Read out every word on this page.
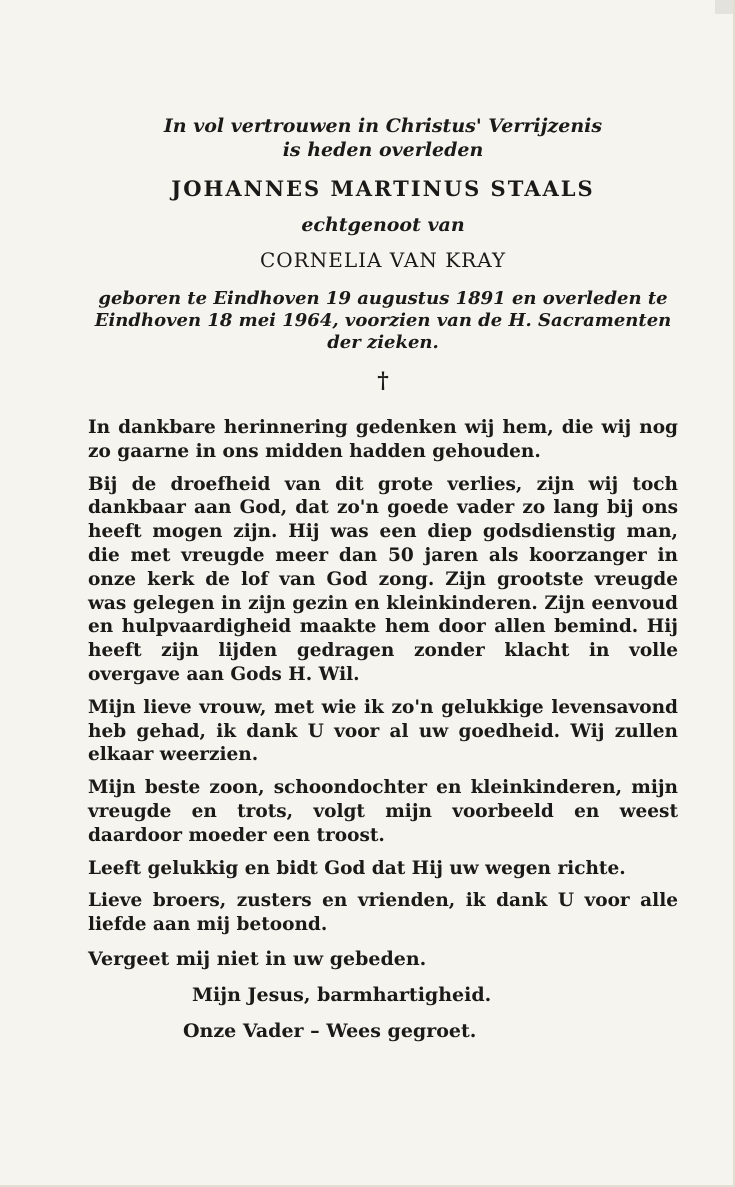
In vol vertrouwen in Christus' Verrijzenis
is heden overleden
JOHANNES MARTINUS STAALS
echtgenoot van
CORNELIA VAN KRAY
geboren te Eindhoven 19 augustus 1891 en overleden te Eindhoven 18 mei 1964, voorzien van de H. Sacramenten der zieken.
†

In dankbare herinnering gedenken wij hem, die wij nog zo gaarne in ons midden hadden gehouden.

Bij de droefheid van dit grote verlies, zijn wij toch dankbaar aan God, dat zo'n goede vader zo lang bij ons heeft mogen zijn. Hij was een diep godsdienstig man, die met vreugde meer dan 50 jaren als koorzanger in onze kerk de lof van God zong. Zijn grootste vreugde was gelegen in zijn gezin en kleinkinderen. Zijn eenvoud en hulpvaardigheid maakte hem door allen bemind. Hij heeft zijn lijden gedragen zonder klacht in volle overgave aan Gods H. Wil.

Mijn lieve vrouw, met wie ik zo'n gelukkige levensavond heb gehad, ik dank U voor al uw goedheid. Wij zullen elkaar weerzien.

Mijn beste zoon, schoondochter en kleinkinderen, mijn vreugde en trots, volgt mijn voorbeeld en weest daardoor moeder een troost.

Leeft gelukkig en bidt God dat Hij uw wegen richte.

Lieve broers, zusters en vrienden, ik dank U voor alle liefde aan mij betoond.

Vergeet mij niet in uw gebeden.
Mijn Jesus, barmhartigheid.
Onze Vader – Wees gegroet.
